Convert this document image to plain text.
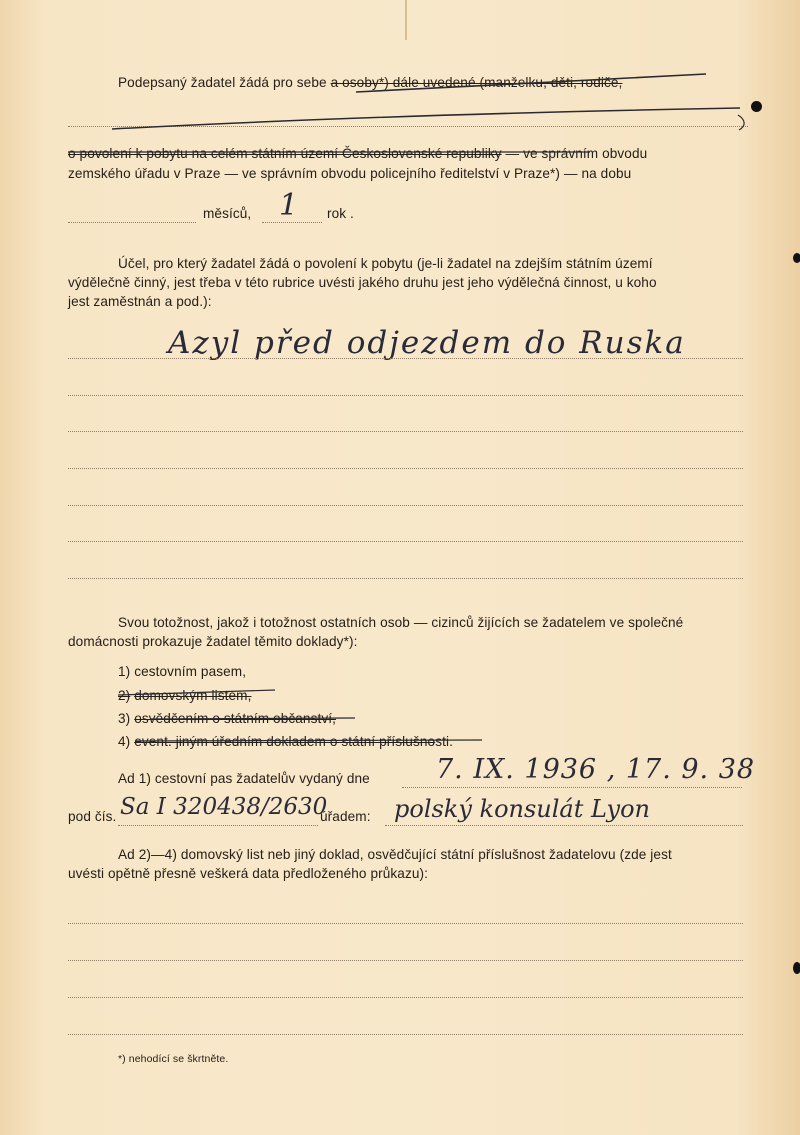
Podepsaný žadatel žádá pro sebe a osoby*) dále uvedené (manželku, děti, rodiče,
o povolení k pobytu na celém státním území Československé republiky — ve správním obvodu
zemského úřadu v Praze — ve správním obvodu policejního ředitelství v Praze*) — na dobu
měsíců, 1 rok .
Účel, pro který žadatel žádá o povolení k pobytu (je-li žadatel na zdejším státním území
výdělečně činný, jest třeba v této rubrice uvésti jakého druhu jest jeho výdělečná činnost, u koho
jest zaměstnán a pod.):
Azyl před odjezdem do Ruska
Svou totožnost, jakož i totožnost ostatních osob — cizinců žijících se žadatelem ve společné
domácnosti prokazuje žadatel těmito doklady*):
1) cestovním pasem,
2) domovským listem,
3) osvědčením o státním občanství,
4) event. jiným úředním dokladem o státní příslušnosti.
Ad 1) cestovní pas žadatelův vydaný dne 7. IX. 1936 , 17. 9. 38
pod čís. Sa I 320438/2630
úřadem: polský konsulát Lyon
Ad 2)—4) domovský list neb jiný doklad, osvědčující státní příslušnost žadatelovu (zde jest
uvésti opětně přesně veškerá data předloženého průkazu):
*) nehodící se škrtněte.
